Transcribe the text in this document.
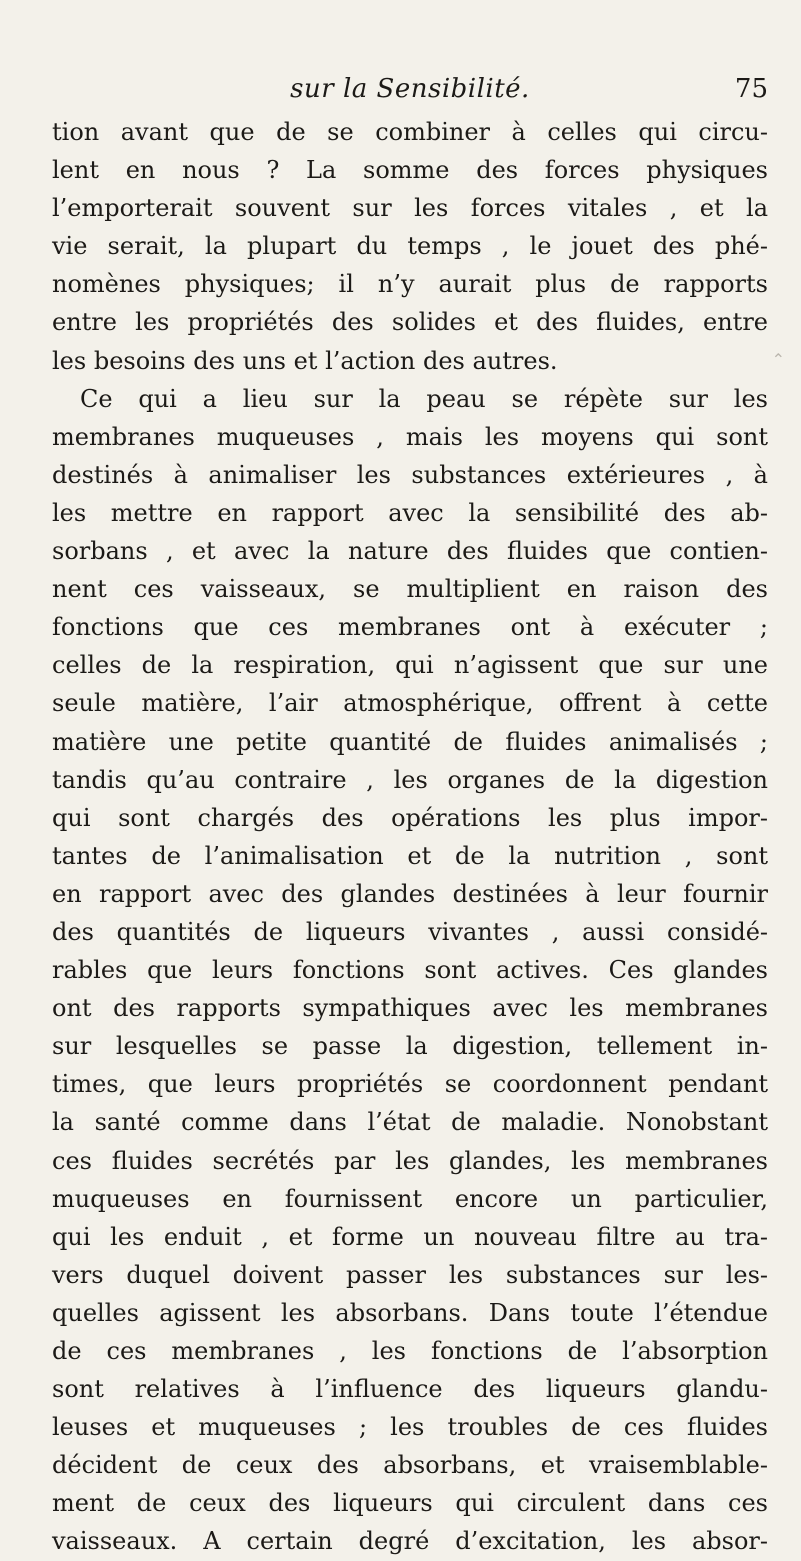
sur la Sensibilité.	75
tion avant que de se combiner à celles qui circu-
lent en nous ? La somme des forces physiques
l’emporterait souvent sur les forces vitales , et la
vie serait, la plupart du temps , le jouet des phé-
nomènes physiques; il n’y aurait plus de rapports
entre les propriétés des solides et des fluides, entre
les besoins des uns et l’action des autres.
Ce qui a lieu sur la peau se répète sur les
membranes muqueuses , mais les moyens qui sont
destinés à animaliser les substances extérieures , à
les mettre en rapport avec la sensibilité des ab-
sorbans , et avec la nature des fluides que contien-
nent ces vaisseaux, se multiplient en raison des
fonctions que ces membranes ont à exécuter ;
celles de la respiration, qui n’agissent que sur une
seule matière, l’air atmosphérique, offrent à cette
matière une petite quantité de fluides animalisés ;
tandis qu’au contraire , les organes de la digestion
qui sont chargés des opérations les plus impor-
tantes de l’animalisation et de la nutrition , sont
en rapport avec des glandes destinées à leur fournir
des quantités de liqueurs vivantes , aussi considé-
rables que leurs fonctions sont actives. Ces glandes
ont des rapports sympathiques avec les membranes
sur lesquelles se passe la digestion, tellement in-
times, que leurs propriétés se coordonnent pendant
la santé comme dans l’état de maladie. Nonobstant
ces fluides secrétés par les glandes, les membranes
muqueuses en fournissent encore un particulier,
qui les enduit , et forme un nouveau filtre au tra-
vers duquel doivent passer les substances sur les-
quelles agissent les absorbans. Dans toute l’étendue
de ces membranes , les fonctions de l’absorption
sont relatives à l’influence des liqueurs glandu-
leuses et muqueuses ; les troubles de ces fluides
décident de ceux des absorbans, et vraisemblable-
ment de ceux des liqueurs qui circulent dans ces
vaisseaux. A certain degré d’excitation, les absor-
⌃
